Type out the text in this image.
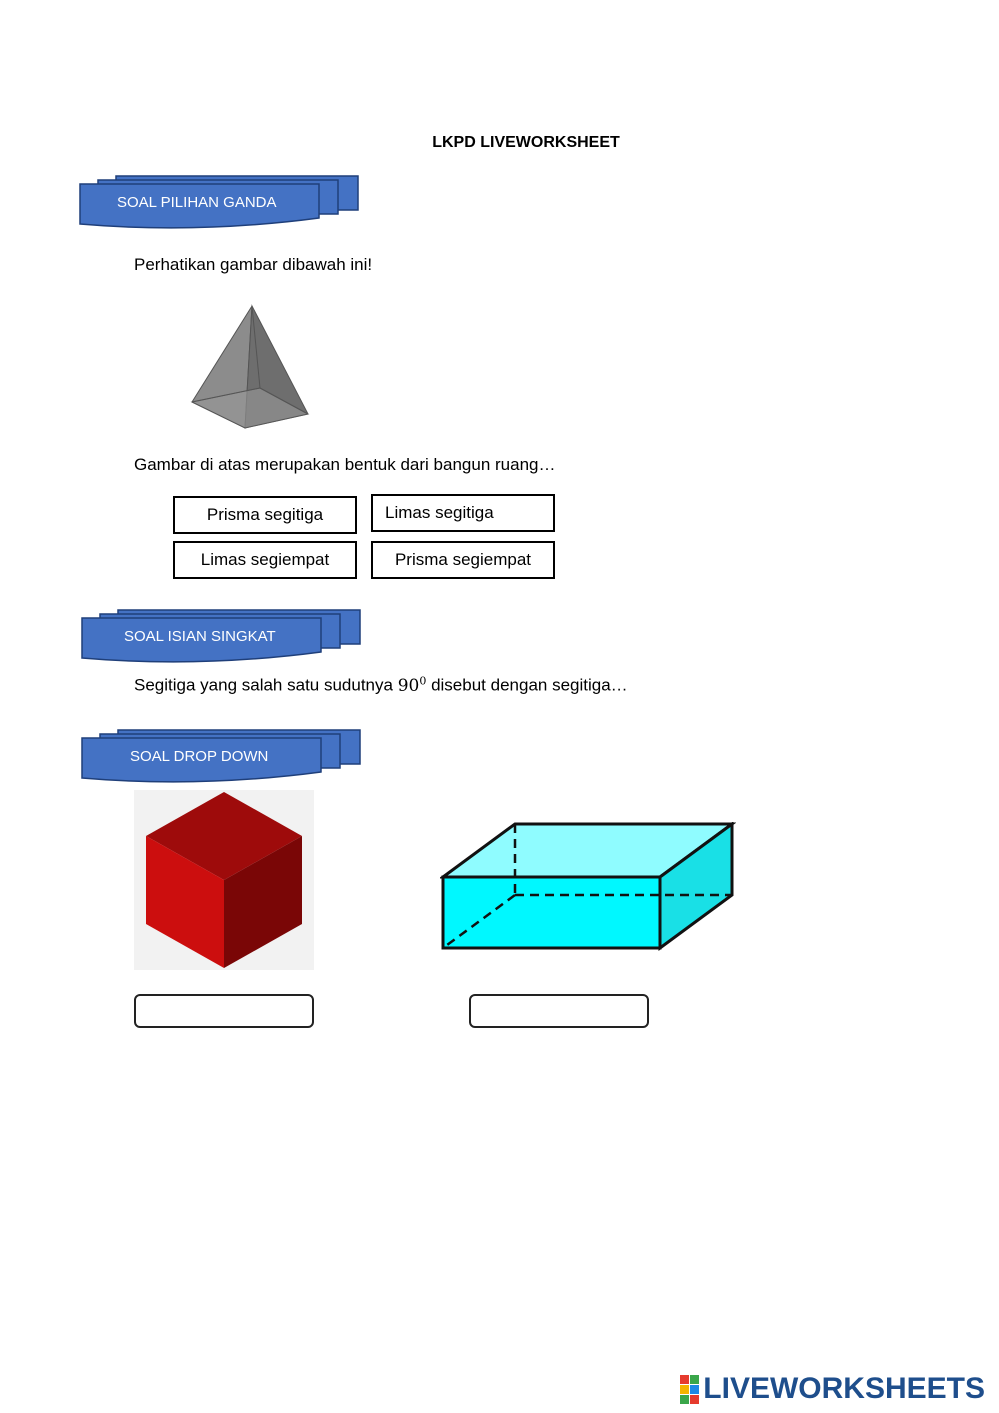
LKPD LIVEWORKSHEET
SOAL PILIHAN GANDA
Perhatikan gambar dibawah ini!
Gambar di atas merupakan bentuk dari bangun ruang…
Prisma segitiga	Limas segitiga
Limas segiempat	Prisma segiempat
SOAL ISIAN SINGKAT
Segitiga yang salah satu sudutnya $90^0$ disebut dengan segitiga…
SOAL DROP DOWN
LIVEWORKSHEETS
